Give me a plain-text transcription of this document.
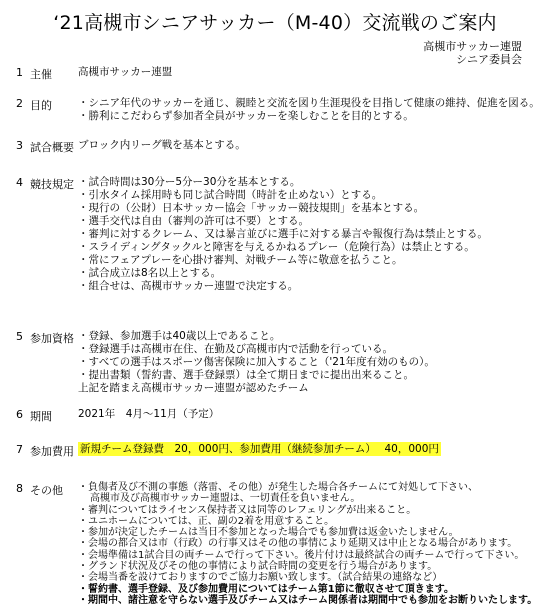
‘21高槻市シニアサッカー（M-40）交流戦のご案内
高槻市サッカー連盟
シニア委員会
1 主催 高槻市サッカー連盟
2 目的 ・シニア年代のサッカーを通じ、親睦と交流を図り生涯現役を目指して健康の維持、促進を図る。
・勝利にこだわらず参加者全員がサッカーを楽しむことを目的とする。
3 試合概要 ブロック内リーグ戦を基本とする。
4 競技規定 ・試合時間は30分ー5分ー30分を基本とする。
・引水タイム採用時も同じ試合時間（時計を止めない）とする。
・現行の（公財）日本サッカー協会「サッカー競技規則」を基本とする。
・選手交代は自由（審判の許可は不要）とする。
・審判に対するクレーム、又は暴言並びに選手に対する暴言や報復行為は禁止とする。
・スライディングタックルと障害を与えるかねるプレー（危険行為）は禁止とする。
・常にフェアプレーを心掛け審判、対戦チーム等に敬意を払うこと。
・試合成立は8名以上とする。
・組合せは、高槻市サッカー連盟で決定する。
5 参加資格 ・登録、参加選手は40歳以上であること。
・登録選手は高槻市在住、在勤及び高槻市内で活動を行っている。
・すべての選手はスポーツ傷害保険に加入すること（'21年度有効のもの）。
・提出書類（誓約書、選手登録票）は全て期日までに提出出来ること。
上記を踏まえ高槻市サッカー連盟が認めたチーム
6 期間 2021年　4月～11月（予定）
7 参加費用 新規チーム登録費　20，000円、参加費用（継続参加チーム）　 40，000円
8 その他 ・負傷者及び不測の事態（落雷、その他）が発生した場合各チームにて対処して下さい、
高槻市及び高槻市サッカー連盟は、一切責任を負いません。
・審判についてはライセンス保持者又は同等のレフェリングが出来ること。
・ユニホームについては、正、副の2着を用意すること。
・参加が決定したチームは当日不参加となった場合でも参加費は返金いたしません。
・会場の都合又は市（行政）の行事又はその他の事情により延期又は中止となる場合があります。
・会場準備は1試合目の両チームで行って下さい。後片付けは最終試合の両チームで行って下さい。
・グランド状況及びその他の事情により試合時間の変更を行う場合があります。
・会場当番を設けておりますのでご協力お願い致します。（試合結果の連絡など）
・誓約書、選手登録、及び参加費用についてはチーム第1節に徹収させて頂きます。
・期間中、諸注意を守らない選手及びチーム又はチーム関係者は期間中でも参加をお断りいたします。
